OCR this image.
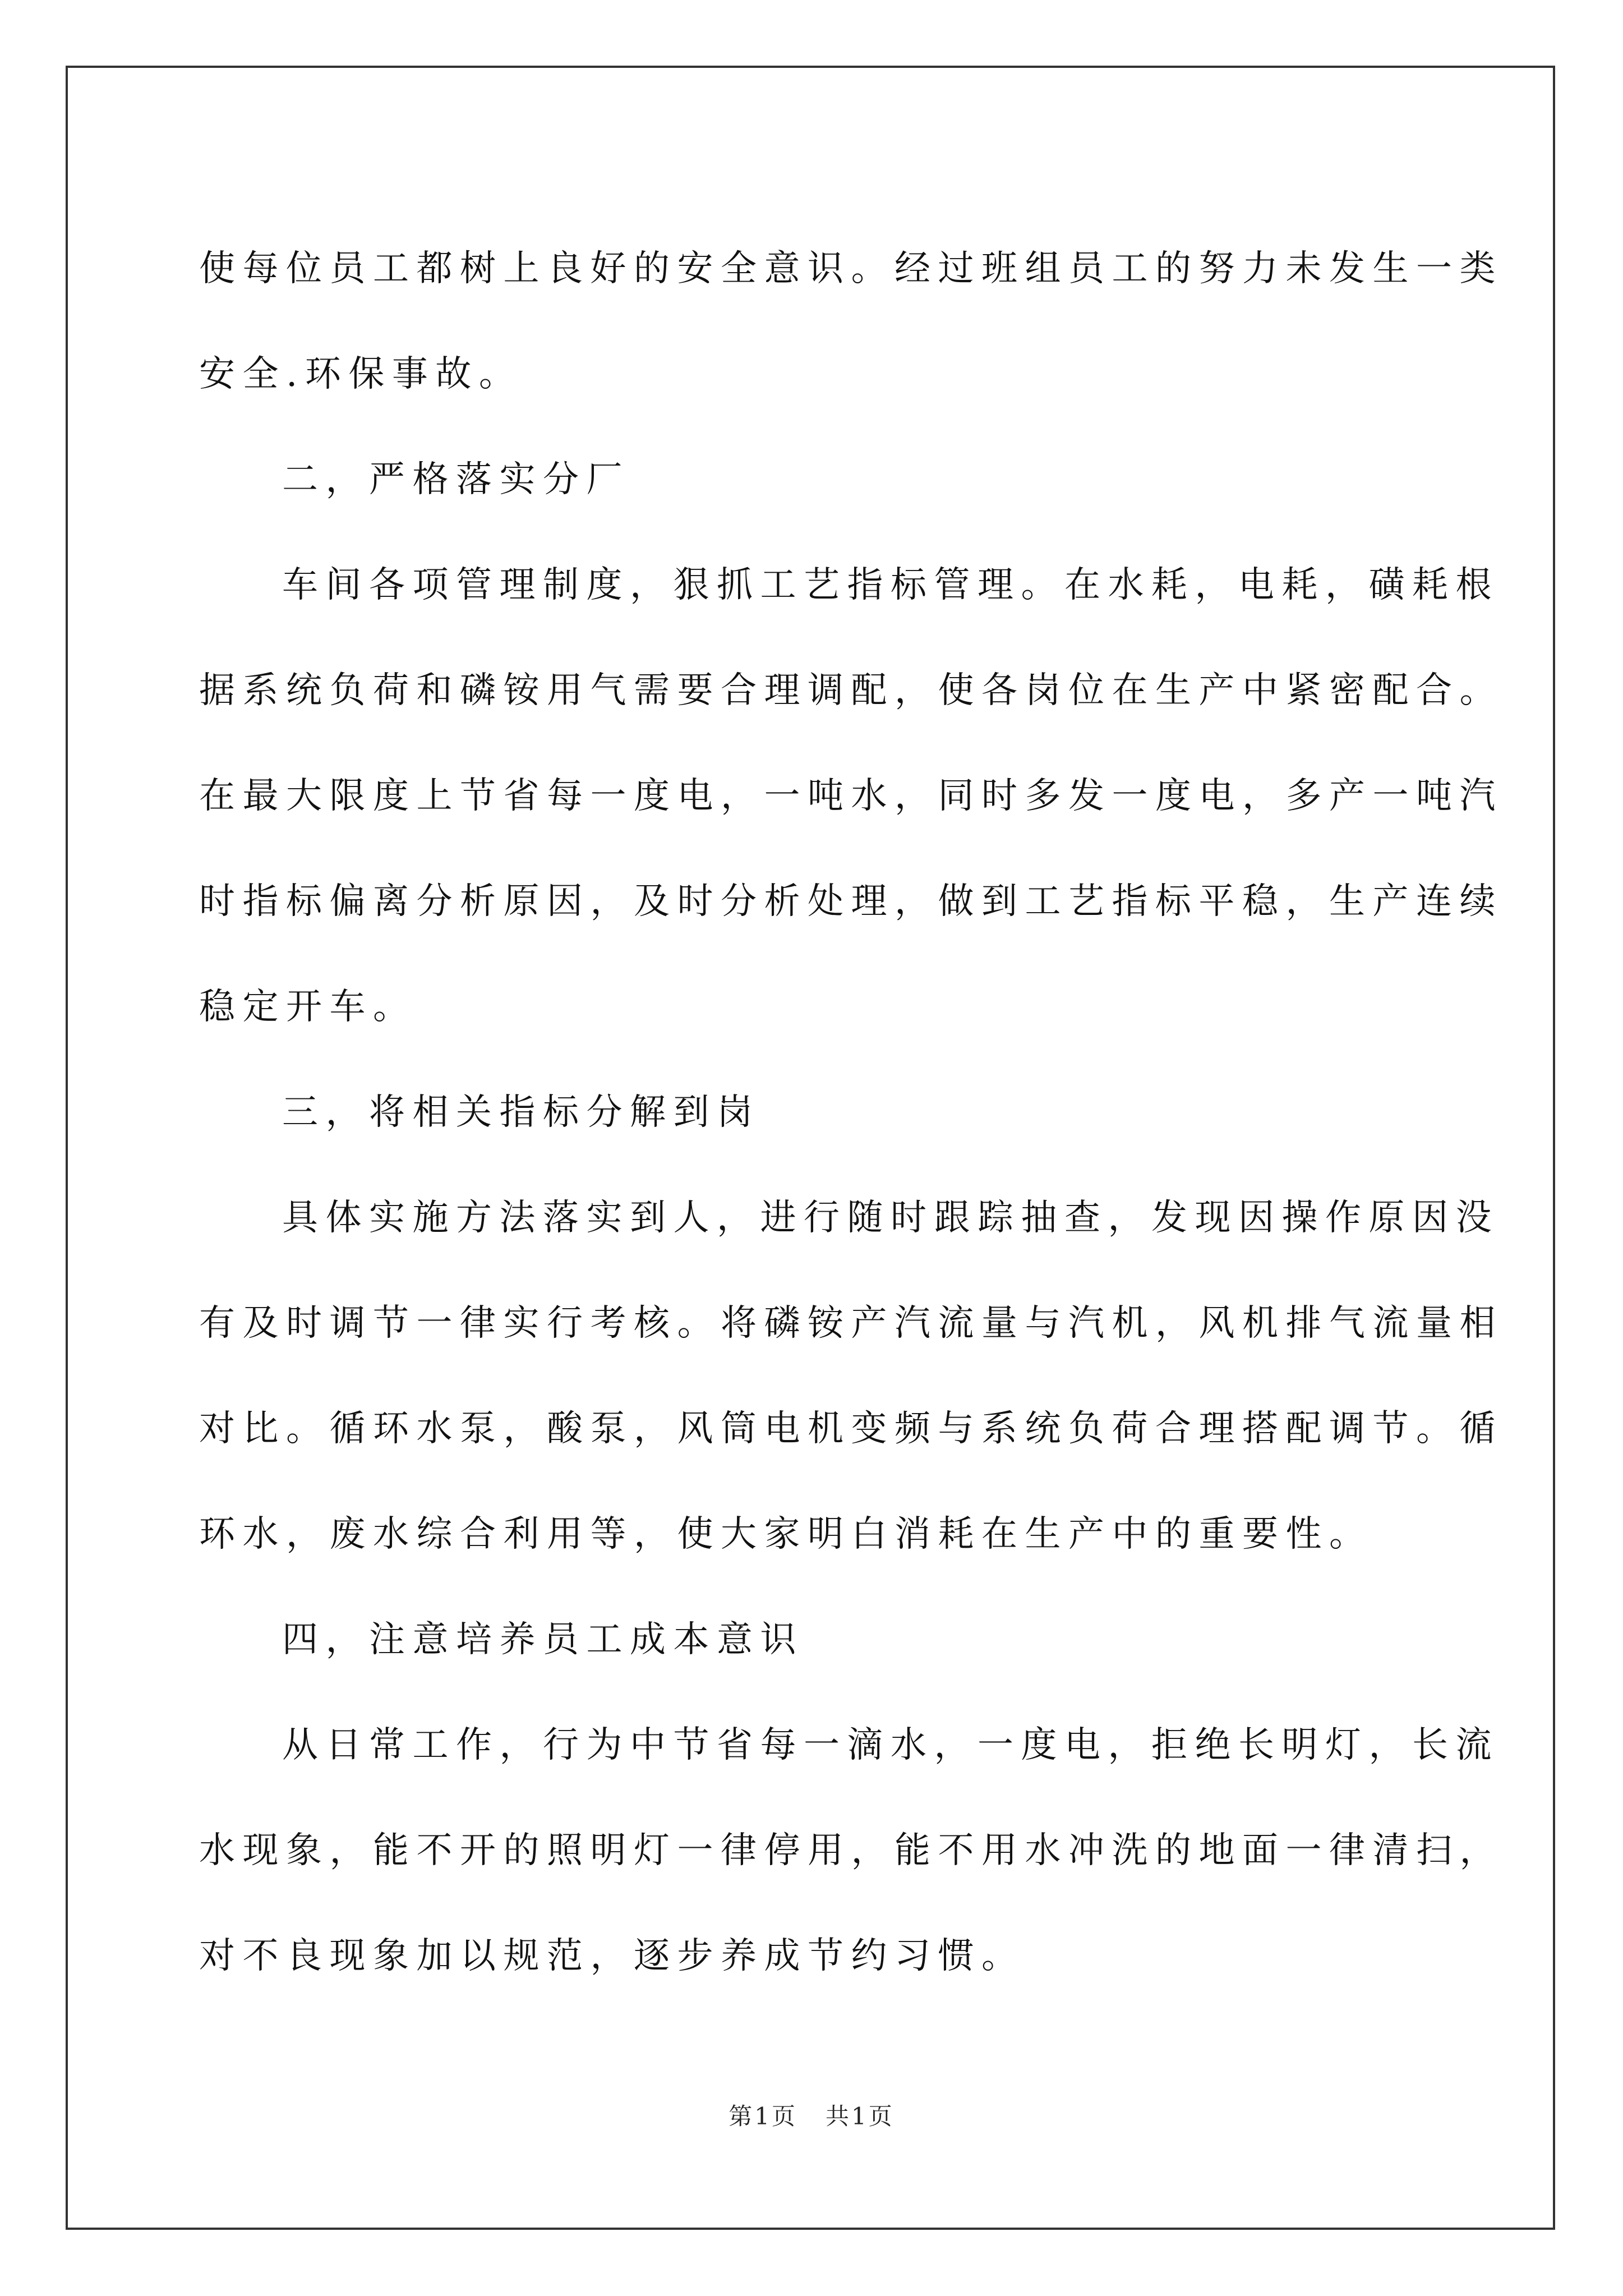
使每位员工都树上良好的安全意识。经过班组员工的努力未发生一类

安全.环保事故。

二，严格落实分厂

车间各项管理制度，狠抓工艺指标管理。在水耗，电耗，磺耗根

据系统负荷和磷铵用气需要合理调配，使各岗位在生产中紧密配合。

在最大限度上节省每一度电，一吨水，同时多发一度电，多产一吨汽

时指标偏离分析原因，及时分析处理，做到工艺指标平稳，生产连续

稳定开车。

三，将相关指标分解到岗

具体实施方法落实到人，进行随时跟踪抽查，发现因操作原因没

有及时调节一律实行考核。将磷铵产汽流量与汽机，风机排气流量相

对比。循环水泵，酸泵，风筒电机变频与系统负荷合理搭配调节。循

环水，废水综合利用等，使大家明白消耗在生产中的重要性。

四，注意培养员工成本意识

从日常工作，行为中节省每一滴水，一度电，拒绝长明灯，长流

水现象，能不开的照明灯一律停用，能不用水冲洗的地面一律清扫，

对不良现象加以规范，逐步养成节约习惯。

第1页 共1页
